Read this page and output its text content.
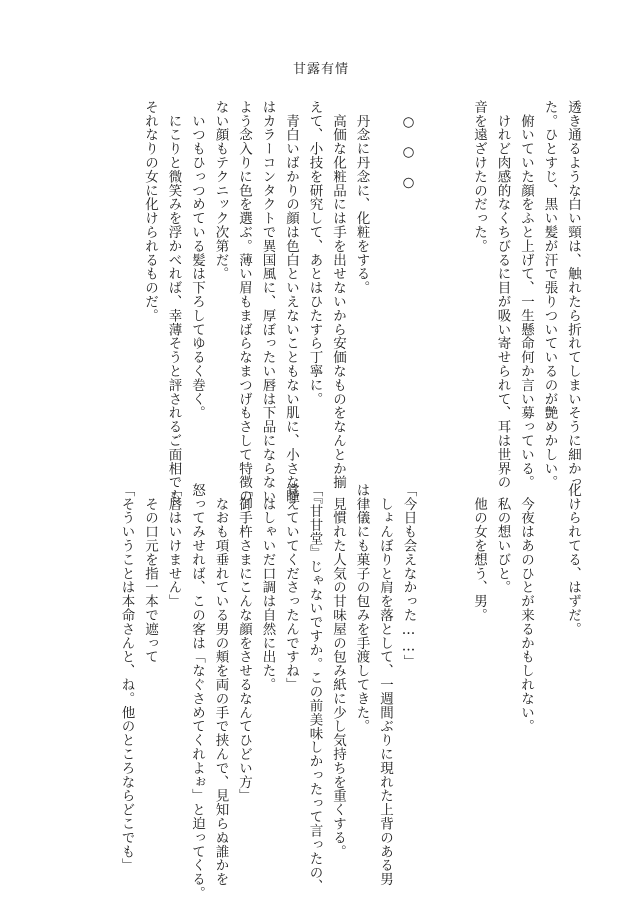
甘露有情
透き通るような白い頸は、触れたら折れてしまいそうに細かっ
た。ひとすじ、黒い髪が汗で張りついているのが艶めかしい。
　俯いていた顔をふと上げて、一生懸命何か言い募っている。
　けれど肉感的なくちびるに目が吸い寄せられて、耳は世界の
音を遠ざけたのだった。

　○　○　○

　丹念に丹念に、化粧をする。
　高価な化粧品には手を出せないから安価なものをなんとか揃
えて、小技を研究して、あとはひたすら丁寧に。
　青白いばかりの顔は色白といえないこともない肌に、小さな瞳
はカラーコンタクトで異国風に、厚ぼったい唇は下品にならない
よう念入りに色を選ぶ。薄い眉もまばらなまつげもさして特徴の
ない顔もテクニック次第だ。
　いつもひっつめている髪は下ろしてゆるく巻く。
　にこりと微笑みを浮かべれば、幸薄そうと評されるご面相でも
それなりの女に化けられるものだ。
化けられてる、はずだ。

　今夜はあのひとが来るかもしれない。
　私の想いびと。
　他の女を想う、男。

「今日も会えなかった……」
　しょんぼりと肩を落として、一週間ぶりに現れた上背のある男
は律儀にも菓子の包みを手渡してきた。
　見慣れた人気の甘味屋の包み紙に少し気持ちを重くする。
「『甘甘堂』じゃないですか。この前美味しかったって言ったの、
覚えていてくださったんですね」
　はしゃいだ口調は自然に出た。
「御手杵さまにこんな顔をさせるなんてひどい方」
　なおも項垂れている男の頬を両の手で挟んで、見知らぬ誰かを
怒ってみせれば、この客は「なぐさめてくれよぉ」と迫ってくる。
「唇はいけません」
　その口元を指一本で遮って
「そういうことは本命さんと、ね。他のところならどこでも」
